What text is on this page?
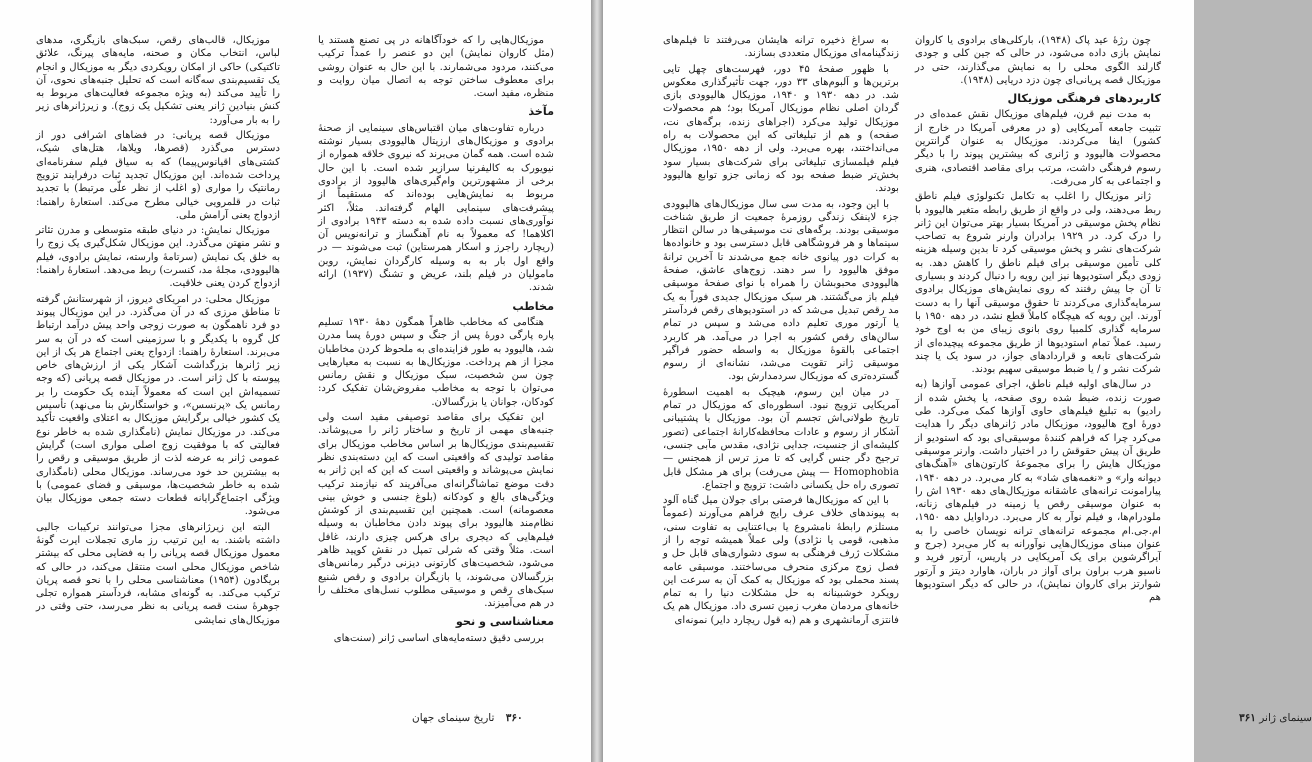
موزیکال‌هایی را که خودآگاهانه در پی تصنع هستند یا (مثل کاروان نمایش) این دو عنصر را عمداً ترکیب می‌کنند، مردود می‌شمارند. با این حال به عنوان روشی برای معطوف ساختن توجه به اتصال میان روایت و منظره، مفید است.

مآخذ

درباره تفاوت‌های میان اقتباس‌های سینمایی از صحنهٔ برادوی و موزیکال‌های ارزیتال هالیوودی بسیار نوشته شده است. همه گمان می‌برند که نیروی خلاقه همواره از نیویورک به کالیفرنیا سرازیر شده است. با این حال برخی از مشهورترین وام‌گیری‌های هالیوود از برادوی مربوط به نمایش‌هایی بوده‌اند که مستقیماً از پیشرفت‌های سینمایی الهام گرفته‌اند. مثلاً، اکثر نوآوری‌های نسبت داده شده به دسته ۱۹۴۳ برادوی از اکلاهما! که معمولاً به نام آهنگساز و ترانه‌نویس آن (ریچارد راجرز و اسکار همرستاین) ثبت می‌شوند — در واقع اول بار به به وسیله کارگردان نمایش، روبن مامولیان در فیلم بلند، عریض و تشنگ (۱۹۳۷) ارائه شدند.

مخاطب

هنگامی که مخاطب ظاهراً همگون دههٔ ۱۹۳۰ تسلیم پاره پارگی دورهٔ پس از جنگ و سپس دورهٔ پسا مدرن شد، هالیوود به طور فزاینده‌ای به ملحوظ کردن مخاطبان مجزا از هم پرداخت. موزیکال‌ها به نسبت به معیارهایی چون سن شخصیت، سبک موزیکال و نقش رمانس می‌توان با توجه به مخاطب مفروض‌شان تفکیک کرد: کودکان، جوانان یا بزرگسالان.

این تفکیک برای مقاصد توصیفی مفید است ولی جنبه‌های مهمی از تاریخ و ساختار ژانر را می‌پوشاند. تقسیم‌بندی موزیکال‌ها بر اساس مخاطب موزیکال برای مقاصد تولیدی که واقعیتی است که این دسته‌بندی نظر نمایش می‌پوشاند و واقعیتی است که این که این ژانر به دقت موضع تماشاگرانه‌ای می‌آفریند که نیازمند ترکیب ویژگی‌های بالغ و کودکانه (بلوغ جنسی و خوش بینی معصومانه) است. همچنین این تقسیم‌بندی از کوشش نظام‌مند هالیوود برای پیوند دادن مخاطبان به وسیله فیلم‌هایی که دیجری برای هرکس چیزی دارند، غافل است. مثلاً وقتی که شرلی تمپل در نقش کوپید ظاهر می‌شود، شخصیت‌های کارتونی دیزنی درگیر رمانس‌های بزرگسالان می‌شوند، یا بازیگران برادوی و رقص شنیع سبک‌های رقص و موسیقی مطلوب نسل‌های مختلف را در هم می‌آمیزند.

معناشناسی و نحو

بررسی دقیق دسته‌مایه‌های اساسی ژانر (سنت‌های

موزیکال، قالب‌های رقص، سبک‌های بازیگری، مدهای لباس، انتخاب مکان و صحنه، مایه‌های پیرنگ، علائق تاکتیکی) حاکی از امکان رویکردی دیگر به موزیکال و انجام یک تقسیم‌بندی سه‌گانه است که تحلیل جنبه‌های نحوی، آن را تأیید می‌کند (به ویژه مجموعه فعالیت‌های مربوط به کنش بنیادین ژانر یعنی تشکیل یک زوج). و زیرژانرهای زیر را به بار می‌آورد:

موزیکال قصه پریانی: در فضاهای اشرافی دور از دسترس می‌گذرد (قصرها، ویلاها، هتل‌های شیک، کشتی‌های اقیانوس‌پیما) که به سیاق فیلم سفرنامه‌ای پرداخت شده‌اند. این موزیکال تجدید ثبات درفرایند تزویج رمانتیک را مواری (و اغلب از نظر علّی مرتبط) با تجدید ثبات در قلمرویی خیالی مطرح می‌کند. استعارهٔ راهنما: ازدواج یعنی آرامش ملی.

موزیکال نمایش: در دنیای طبقه متوسطی و مدرن تئاتر و نشر منهتن می‌گذرد. این موزیکال شکل‌گیری یک زوج را به خلق یک نمایش (سرتامهٔ وارسته، نمایش برادوی، فیلم هالیوودی، مجلهٔ مد، کنسرت) ربط می‌دهد. استعارهٔ راهنما: ازدواج کردن یعنی خلاقیت.

موزیکال محلی: در امریکای دیروز، از شهرستانش گرفته تا مناطق مرزی که در آن می‌گذرد. در این موزیکال پیوند دو فرد ناهمگون به صورت زوجی واحد پیش درآمد ارتباط کل گروه با یکدیگر و با سرزمینی است که در آن به سر می‌برند. استعارهٔ راهنما: ازدواج یعنی اجتماع هر یک از این زیر ژانرها بزرگداشت آشکار یکی از ارزش‌های خاص پیوسته با کل ژانر است. در موزیکال قصه پریانی (که وجه تسمیه‌اش این است که معمولاً آینده یک حکومت را بر رمانس یک «پرنسس»، و خواستگارش بنا می‌نهد) تأسیس یک کشور خیالی برگرایش موزیکال به اعتلای واقعیت تأکید می‌کند. در موزیکال نمایش (نامگذاری شده به خاطر نوع فعالیتی که با موفقیت زوج اصلی مواری است) گرایش عمومی ژانر به عرضه لذت از طریق موسیقی و رقص را به بیشترین حد خود می‌رساند. موزیکال محلی (نامگذاری شده به خاطر شخصیت‌ها، موسیقی و فضای عمومی) با ویژگی اجتماع‌گرایانه قطعات دسته جمعی موزیکال بیان می‌شود.

البته این زیرژانرهای مجزا می‌توانند ترکیبات جالبی داشته باشند. به این ترتیب رز ماری تجملات ایرت گونهٔ معمول موزیکال قصه پریانی را به فضایی محلی که بیشتر شاخص موزیکال محلی است منتقل می‌کند، در حالی که بریگادون (۱۹۵۴) معناشناسی محلی را با نحو قصه پریان ترکیب می‌کند. به گونه‌ای مشابه، فردآستر همواره تجلی جوهرهٔ سنت قصه پریانی به نظر می‌رسد، حتی وقتی در موزیکال‌های نمایشی

۳۶۰ تاریخ سینمای جهان

چون رژهٔ عید پاک (۱۹۴۸)، بارکلی‌های برادوی یا کاروان نمایش بازی داده می‌شود، در حالی که جین کلی و جودی گارلند الگوی محلی را به نمایش می‌گذارند، حتی در موزیکال قصه پریانی‌ای چون دزد دریایی (۱۹۴۸).

کاربردهای فرهنگی موزیکال

به مدت نیم قرن، فیلم‌های موزیکال نقش عمده‌ای در تثبیت جامعه آمریکایی (و در معرفی آمریکا در خارج از کشور) ایفا می‌کردند. موزیکال به عنوان گرانترین محصولات هالیوود و ژانری که بیشترین پیوند را با دیگر رسوم فرهنگی داشت، مرتب برای مقاصد اقتصادی، هنری و اجتماعی به کار می‌رفت.

ژانر موزیکال را اغلب به تکامل تکنولوژی فیلم ناطق ربط می‌دهند، ولی در واقع از طریق رابطه متغیر هالیوود با نظام پخش موسیقی در آمریکا بسیار بهتر می‌توان این ژانر را درک کرد. در ۱۹۲۹ برادران وارنر شروع به تصاحب شرکت‌های نشر و پخش موسیقی کرد تا بدین وسیله هزینه کلی تأمین موسیقی برای فیلم ناطق را کاهش دهد. به زودی دیگر استودیوها نیز این رویه را دنبال کردند و بسیاری تا آن جا پیش رفتند که روی نمایش‌های موزیکال برادوی سرمایه‌گذاری می‌کردند تا حقوق موسیقی آنها را به دست آورند. این رویه که هیچگاه کاملاً قطع نشد، در دهه ۱۹۵۰ با سرمایه گذاری کلمبیا روی بانوی زیبای من به اوج خود رسید. عملاً تمام استودیوها از طریق مجموعه پیچیده‌ای از شرکت‌های تابعه و قراردادهای جواز، در سود یک یا چند شرکت نشر و / یا ضبط موسیقی سهیم بودند.

در سال‌های اولیه فیلم ناطق، اجرای عمومی آوازها (به صورت زنده، ضبط شده روی صفحه، یا پخش شده از رادیو) به تبلیغ فیلم‌های حاوی آوازها کمک می‌کرد. طی دورهٔ اوج هالیوود، موزیکال مادر ژانرهای دیگر را هدایت می‌کرد چرا که فراهم کنندهٔ موسیقی‌ای بود که استودیو از طریق آن پیش حقوقش را در اختیار داشت. وارنر موسیقی موزیکال هایش را برای مجموعهٔ کارتون‌های «آهنگ‌های دیوانه وار» و «نغمه‌های شاد» به کار می‌برد. در دهه ۱۹۴۰، پیارامونت ترانه‌های عاشقانه موزیکال‌های دهه ۱۹۳۰ اش را به عنوان موسیقی رقص یا زمینه در فیلم‌های زنانه، ملودرام‌ها، و فیلم نوآر به کار می‌برد. درداوایل دهه ۱۹۵۰، ام.جی.ام مجموعه ترانه‌های ترانه نویسان خاصی را به عنوان مبنای موزیکال‌هایی نوآورانه به کار می‌برد (جرج و آیراگرشوین برای یک آمریکایی در پاریس، آرتور فرید و ناسیو هرب براون برای آواز در باران، هاوارد دیتز و آرتور شوارتز برای کاروان نمایش)، در حالی که دیگر استودیوها هم

به سراغ ذخیره ترانه هایشان می‌رفتند تا فیلم‌های زندگینامه‌ای موزیکال متعددی بسازند.

با ظهور صفحهٔ ۴۵ دور، فهرست‌های چهل تایی برترین‌ها و آلبوم‌های ۳۳ دور، جهت تأثیرگذاری معکوس شد. در دهه ۱۹۳۰ و ۱۹۴۰، موزیکال هالیوودی بازی گردان اصلی نظام موزیکال آمریکا بود؛ هم محصولات موزیکال تولید می‌کرد (اجراهای زنده، برگه‌های نت، صفحه) و هم از تبلیغاتی که این محصولات به راه می‌انداختند، بهره می‌برد. ولی از دهه ۱۹۵۰، موزیکال فیلم فیلمسازی تبلیغاتی برای شرکت‌های بسیار سود بخش‌تر ضبط صفحه بود که زمانی جزو توابع هالیوود بودند.

با این وجود، به مدت سی سال موزیکال‌های هالیوودی جزء لاینفک زندگی روزمرهٔ جمعیت از طریق شناخت موسیقی بودند. برگه‌های نت موسیقی‌ها در سالن انتظار سینماها و هر فروشگاهی قابل دسترسی بود و خانواده‌ها به کرات دور پیانوی خانه جمع می‌شدند تا آخرین ترانهٔ موفق هالیوود را سر دهند. زوج‌های عاشق، صفحهٔ هالیوودی محبوبشان را همراه با نوای صفحهٔ موسیقی فیلم باز می‌گشتند. هر سبک موزیکال جدیدی فوراً به یک مد رقص تبدیل می‌شد که در استودیوهای رقص فردآستر یا آرتور موری تعلیم داده می‌شد و سپس در تمام سالن‌های رقص کشور به اجرا در می‌آمد. هر کاربرد اجتماعی بالقوهٔ موزیکال به واسطه حضور فراگیر موسیقی ژانر تقویت می‌شد، نشانه‌ای از رسوم گسترده‌تری که موزیکال سردمدارش بود.

در میان این رسوم، هیچیک به اهمیت اسطورهٔ آمریکایی تزویج نبود. اسطوره‌ای که موزیکال در تمام تاریخ طولانی‌اش تجسم آن بود. موزیکال با پشتیبانی آشکار از رسوم و عادات محافظه‌کارانهٔ اجتماعی (تصور کلیشه‌ای از جنسیت، جدایی نژادی، مقدس مآبی جنسی، ترجیح دگر جنس گرایی که تا مرز ترس از همجنس — Homophobia — پیش می‌رفت) برای هر مشکل قابل تصوری راه حل یکسانی داشت: تزویج و اجتماع.

با این که موزیکال‌ها فرصتی برای جولان میل گناه آلود به پیوندهای خلاف عرف رایج فراهم می‌آورند (عموماً مستلزم رابطهٔ نامشروع یا بی‌اعتنایی به تفاوت سنی، مذهبی، قومی یا نژادی) ولی عملاً همیشه توجه را از مشکلات ژرف فرهنگی به سوی دشواری‌های قابل حل و فصل زوج مرکزی منحرف می‌ساختند. موسیقی عامه پسند محملی بود که موزیکال به کمک آن به سرعت این رویکرد خوشبینانه به حل مشکلات دنیا را به تمام خانه‌های مردمان مغرب زمین تسری داد. موزیکال هم یک فانتزی آرمانشهری و هم (به قول ریچارد دایر) نمونه‌ای

سینمای ژانر ۳۶۱
